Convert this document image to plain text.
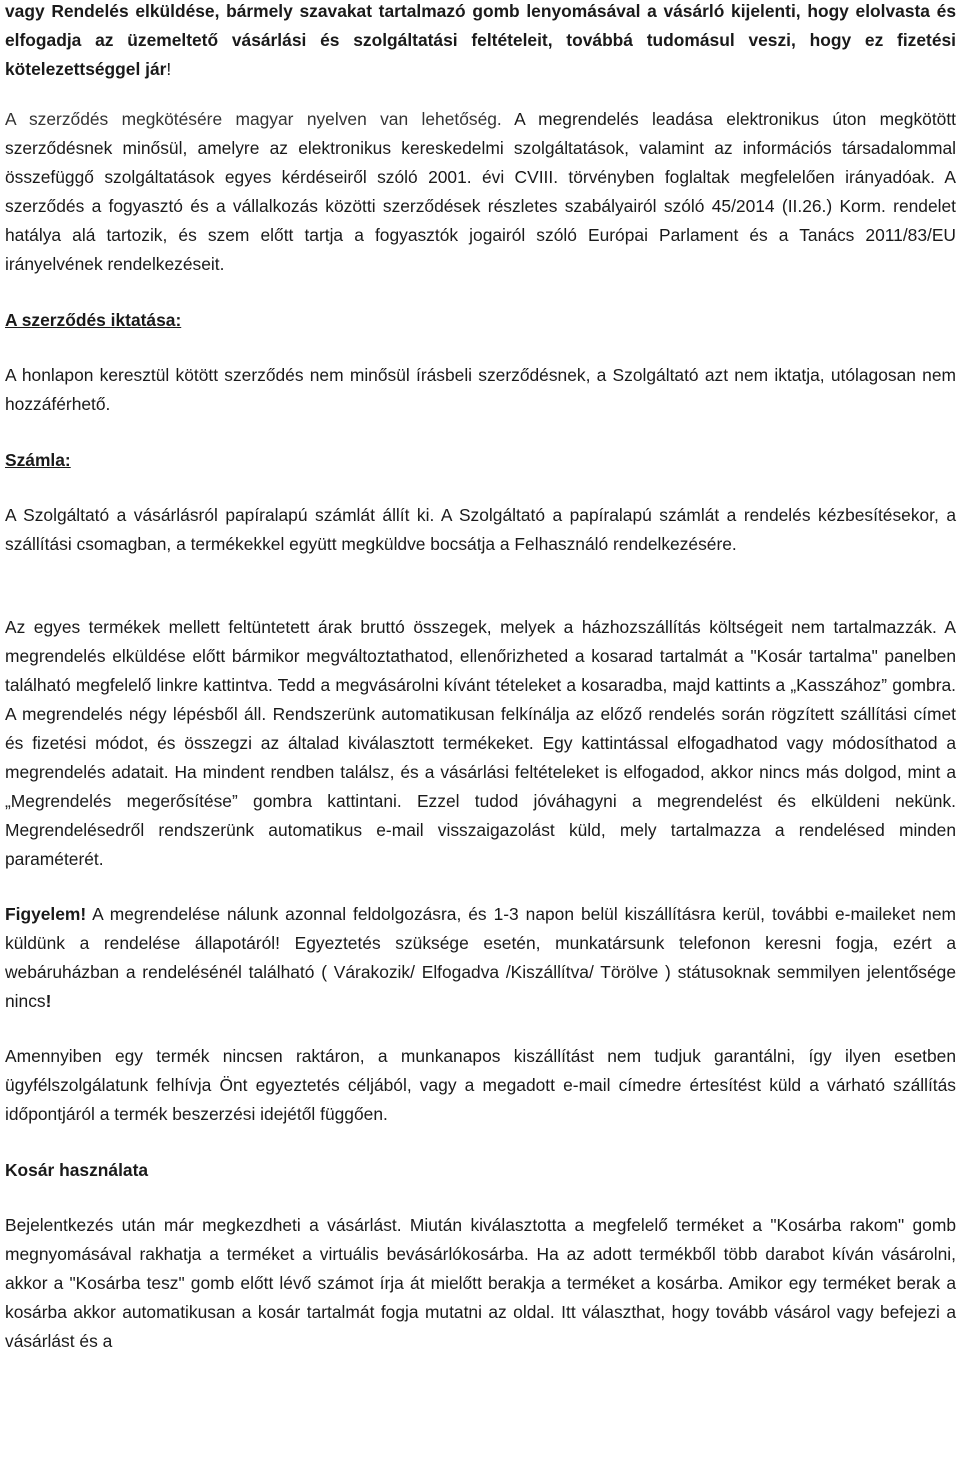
vagy Rendelés elküldése, bármely szavakat tartalmazó gomb lenyomásával a vásárló kijelenti, hogy elolvasta és elfogadja az üzemeltető vásárlási és szolgáltatási feltételeit, továbbá tudomásul veszi, hogy ez fizetési kötelezettséggel jár!

A szerződés megkötésére magyar nyelven van lehetőség. A megrendelés leadása elektronikus úton megkötött szerződésnek minősül, amelyre az elektronikus kereskedelmi szolgáltatások, valamint az információs társadalommal összefüggő szolgáltatások egyes kérdéseiről szóló 2001. évi CVIII. törvényben foglaltak megfelelően irányadóak. A szerződés a fogyasztó és a vállalkozás közötti szerződések részletes szabályairól szóló 45/2014 (II.26.) Korm. rendelet hatálya alá tartozik, és szem előtt tartja a fogyasztók jogairól szóló Európai Parlament és a Tanács 2011/83/EU irányelvének rendelkezéseit.

A szerződés iktatása:

A honlapon keresztül kötött szerződés nem minősül írásbeli szerződésnek, a Szolgáltató azt nem iktatja, utólagosan nem hozzáférhető.

Számla:

A Szolgáltató a vásárlásról papíralapú számlát állít ki. A Szolgáltató a papíralapú számlát a rendelés kézbesítésekor, a szállítási csomagban, a termékekkel együtt megküldve bocsátja a Felhasználó rendelkezésére.

Az egyes termékek mellett feltüntetett árak bruttó összegek, melyek a házhozszállítás költségeit nem tartalmazzák. A megrendelés elküldése előtt bármikor megváltoztathatod, ellenőrizheted a kosarad tartalmát a "Kosár tartalma" panelben található megfelelő linkre kattintva. Tedd a megvásárolni kívánt tételeket a kosaradba, majd kattints a „Kasszához” gombra. A megrendelés négy lépésből áll. Rendszerünk automatikusan felkínálja az előző rendelés során rögzített szállítási címet és fizetési módot, és összegzi az általad kiválasztott termékeket. Egy kattintással elfogadhatod vagy módosíthatod a megrendelés adatait. Ha mindent rendben találsz, és a vásárlási feltételeket is elfogadod, akkor nincs más dolgod, mint a „Megrendelés megerősítése” gombra kattintani. Ezzel tudod jóváhagyni a megrendelést és elküldeni nekünk. Megrendelésedről rendszerünk automatikus e-mail visszaigazolást küld, mely tartalmazza a rendelésed minden paraméterét.

Figyelem! A megrendelése nálunk azonnal feldolgozásra, és 1-3 napon belül kiszállításra kerül, további e-maileket nem küldünk a rendelése állapotáról! Egyeztetés szüksége esetén, munkatársunk telefonon keresni fogja, ezért a webáruházban a rendelésénél található ( Várakozik/ Elfogadva /Kiszállítva/ Törölve ) státusoknak semmilyen jelentősége nincs!

Amennyiben egy termék nincsen raktáron, a munkanapos kiszállítást nem tudjuk garantálni, így ilyen esetben ügyfélszolgálatunk felhívja Önt egyeztetés céljából, vagy a megadott e-mail címedre értesítést küld a várható szállítás időpontjáról a termék beszerzési idejétől függően.

Kosár használata

Bejelentkezés után már megkezdheti a vásárlást. Miután kiválasztotta a megfelelő terméket a "Kosárba rakom" gomb megnyomásával rakhatja a terméket a virtuális bevásárlókosárba. Ha az adott termékből több darabot kíván vásárolni, akkor a "Kosárba tesz" gomb előtt lévő számot írja át mielőtt berakja a terméket a kosárba. Amikor egy terméket berak a kosárba akkor automatikusan a kosár tartalmát fogja mutatni az oldal. Itt választhat, hogy tovább vásárol vagy befejezi a vásárlást és a
